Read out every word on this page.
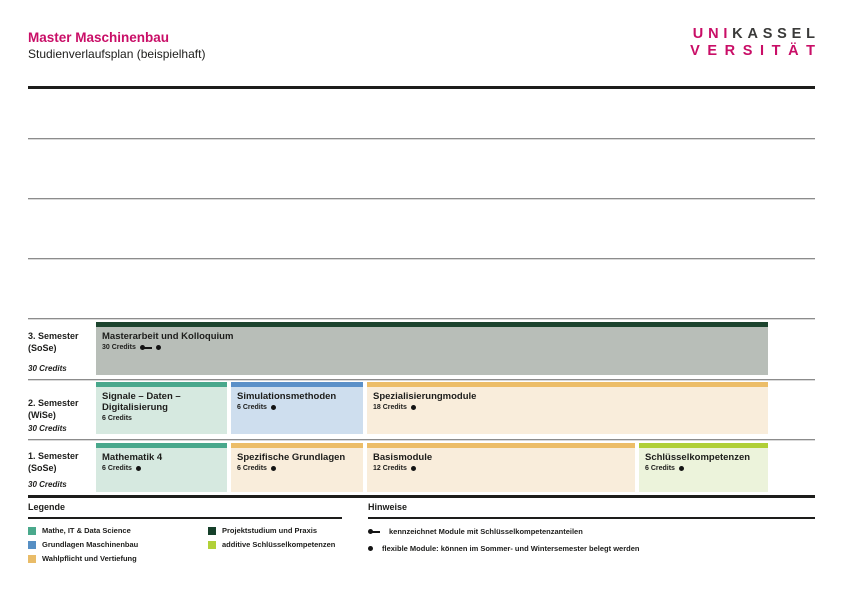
Master Maschinenbau
Studienverlaufsplan (beispielhaft)
UNIKASSEL
VERSITÄT
3. Semester
(SoSe)
30 Credits
Masterarbeit und Kolloquium
30 Credits
2. Semester
(WiSe)
30 Credits
Signale – Daten – Digitalisierung
6 Credits
Simulationsmethoden
6 Credits
Spezialisierungmodule
18 Credits
1. Semester
(SoSe)
30 Credits
Mathematik 4
6 Credits
Spezifische Grundlagen
6 Credits
Basismodule
12 Credits
Schlüsselkompetenzen
6 Credits
Legende
Mathe, IT & Data Science
Grundlagen Maschinenbau
Wahlpflicht und Vertiefung
Projektstudium und Praxis
additive Schlüsselkompetenzen
Hinweise
kennzeichnet Module mit Schlüsselkompetenzanteilen
flexible Module: können im Sommer- und Wintersemester belegt werden
